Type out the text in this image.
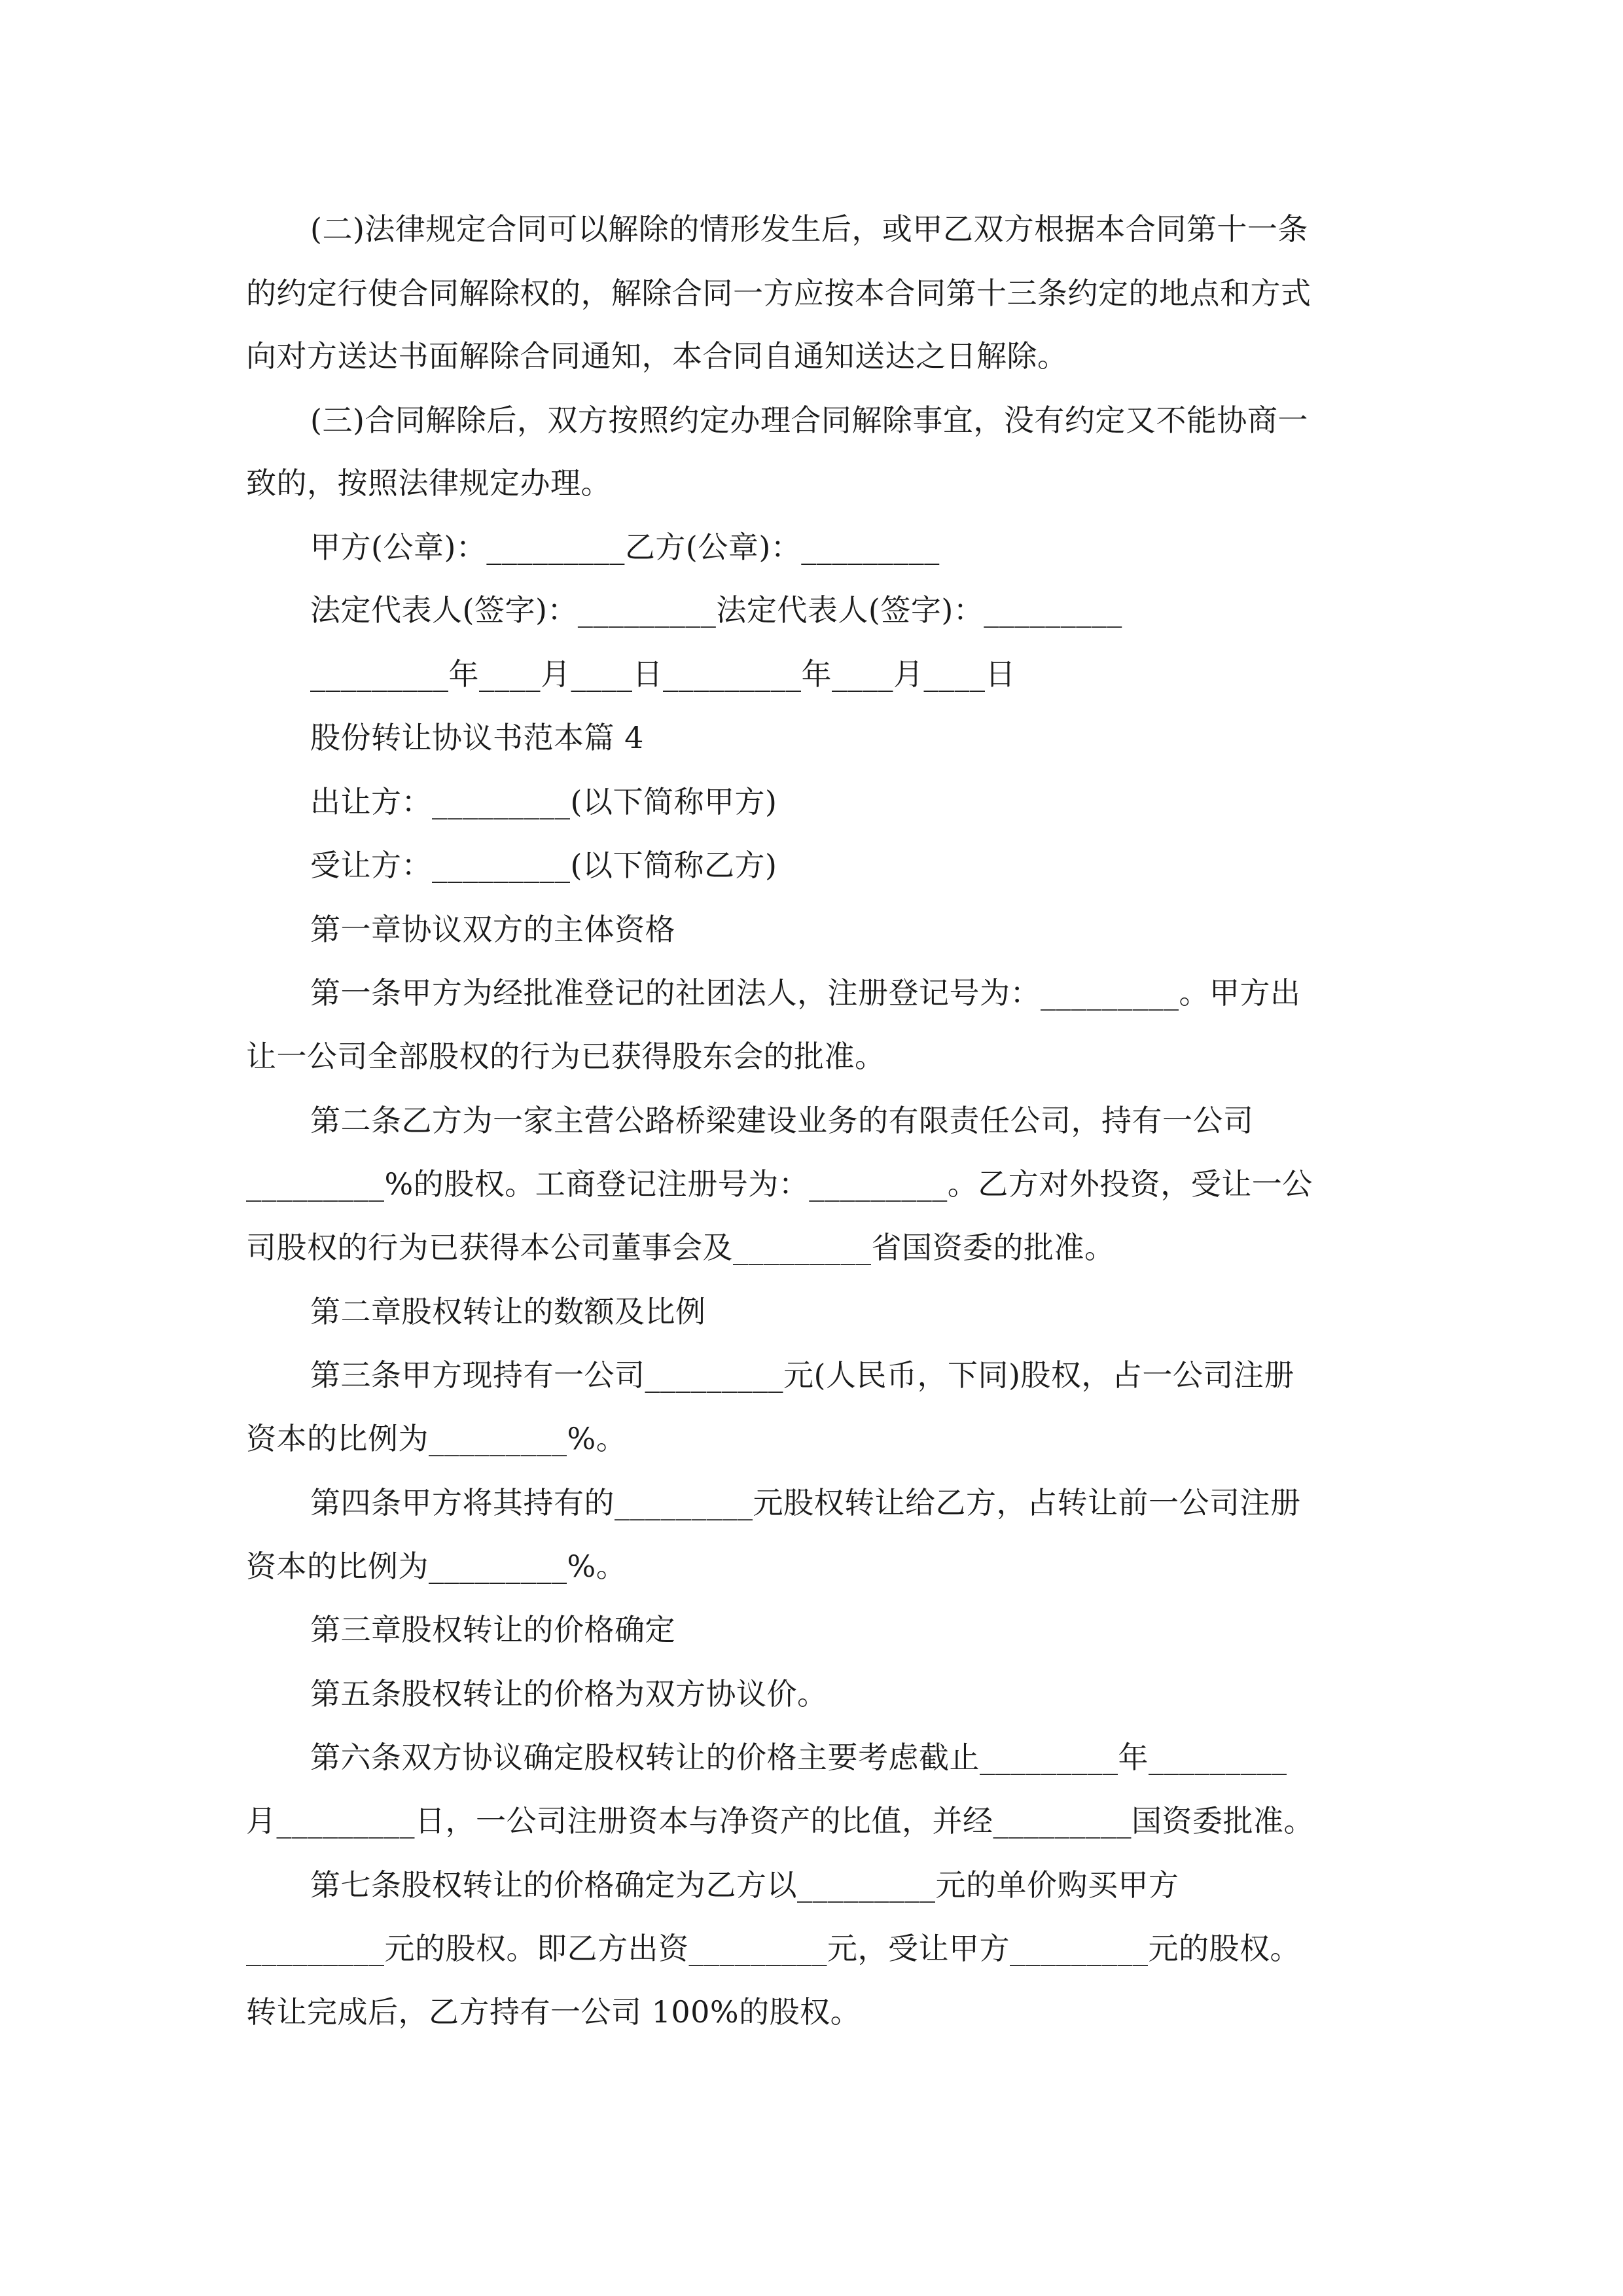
(二)法律规定合同可以解除的情形发生后，或甲乙双方根据本合同第十一条
的约定行使合同解除权的，解除合同一方应按本合同第十三条约定的地点和方式
向对方送达书面解除合同通知，本合同自通知送达之日解除。
(三)合同解除后，双方按照约定办理合同解除事宜，没有约定又不能协商一
致的，按照法律规定办理。
甲方(公章)：_________乙方(公章)：_________
法定代表人(签字)：_________法定代表人(签字)：_________
_________年____月____日_________年____月____日
股份转让协议书范本篇 4
出让方：_________(以下简称甲方)
受让方：_________(以下简称乙方)
第一章协议双方的主体资格
第一条甲方为经批准登记的社团法人，注册登记号为：_________。甲方出
让一公司全部股权的行为已获得股东会的批准。
第二条乙方为一家主营公路桥梁建设业务的有限责任公司，持有一公司
_________%的股权。工商登记注册号为：_________。乙方对外投资，受让一公
司股权的行为已获得本公司董事会及_________省国资委的批准。
第二章股权转让的数额及比例
第三条甲方现持有一公司_________元(人民币，下同)股权，占一公司注册
资本的比例为_________%。
第四条甲方将其持有的_________元股权转让给乙方，占转让前一公司注册
资本的比例为_________%。
第三章股权转让的价格确定
第五条股权转让的价格为双方协议价。
第六条双方协议确定股权转让的价格主要考虑截止_________年_________
月_________日，一公司注册资本与净资产的比值，并经_________国资委批准。
第七条股权转让的价格确定为乙方以_________元的单价购买甲方
_________元的股权。即乙方出资_________元，受让甲方_________元的股权。
转让完成后，乙方持有一公司 100%的股权。
